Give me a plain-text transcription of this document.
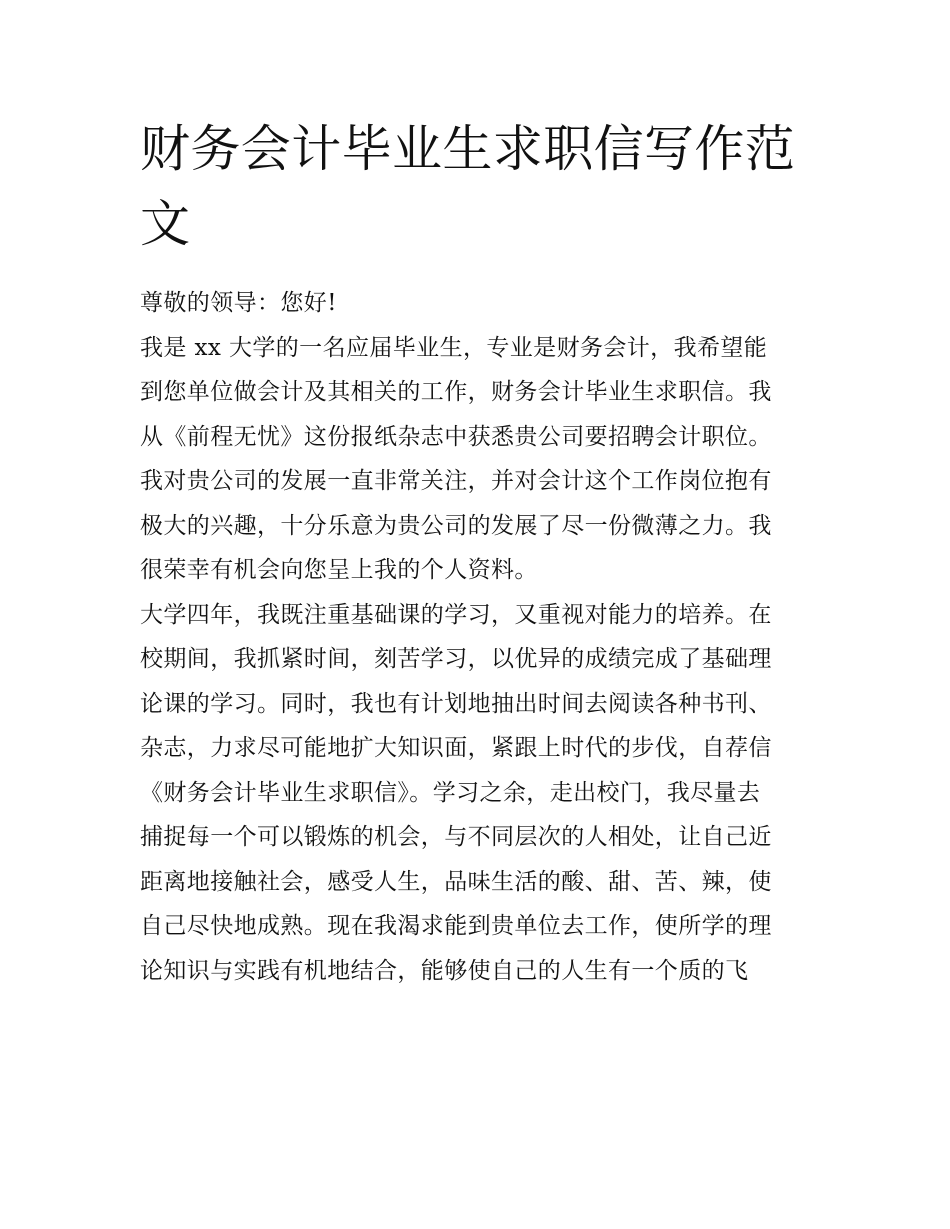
财务会计毕业生求职信写作范
文

尊敬的领导：您好!

我是 xx 大学的一名应届毕业生，专业是财务会计，我希望能
到您单位做会计及其相关的工作，财务会计毕业生求职信。我
从《前程无忧》这份报纸杂志中获悉贵公司要招聘会计职位。
我对贵公司的发展一直非常关注，并对会计这个工作岗位抱有
极大的兴趣，十分乐意为贵公司的发展了尽一份微薄之力。我
很荣幸有机会向您呈上我的个人资料。

大学四年，我既注重基础课的学习，又重视对能力的培养。在
校期间，我抓紧时间，刻苦学习，以优异的成绩完成了基础理
论课的学习。同时，我也有计划地抽出时间去阅读各种书刊、
杂志，力求尽可能地扩大知识面，紧跟上时代的步伐，自荐信
《财务会计毕业生求职信》。学习之余，走出校门，我尽量去
捕捉每一个可以锻炼的机会，与不同层次的人相处，让自己近
距离地接触社会，感受人生，品味生活的酸、甜、苦、辣，使
自己尽快地成熟。现在我渴求能到贵单位去工作，使所学的理
论知识与实践有机地结合，能够使自己的人生有一个质的飞
